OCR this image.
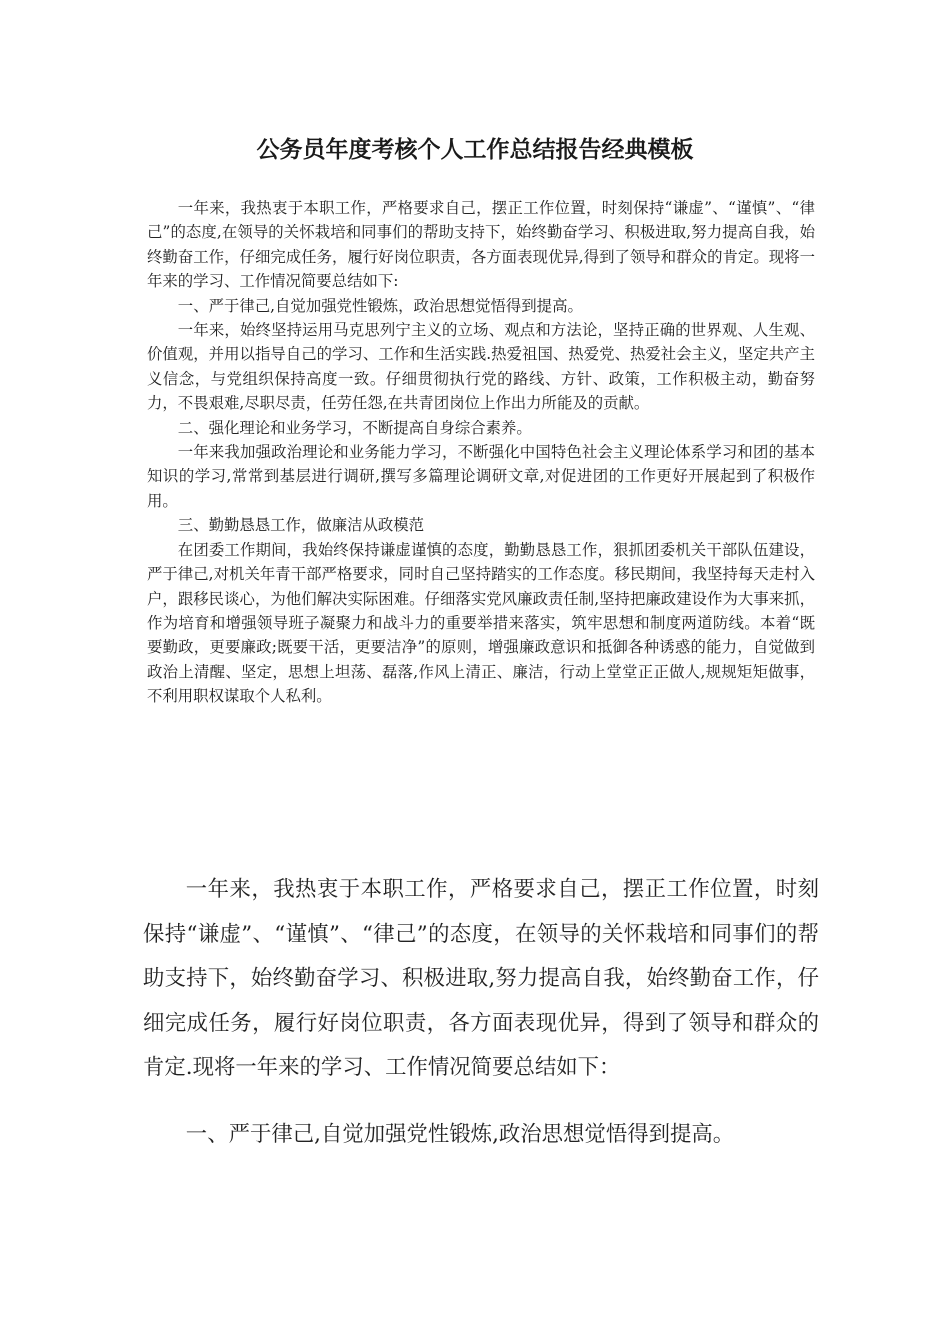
公务员年度考核个人工作总结报告经典模板

一年来，我热衷于本职工作，严格要求自己，摆正工作位置，时刻保持“谦虚”、“谨慎”、“律己”的态度,在领导的关怀栽培和同事们的帮助支持下，始终勤奋学习、积极进取,努力提高自我，始终勤奋工作，仔细完成任务，履行好岗位职责，各方面表现优异,得到了领导和群众的肯定。现将一年来的学习、工作情况简要总结如下:

一、严于律己,自觉加强党性锻炼，政治思想觉悟得到提高。

一年来，始终坚持运用马克思列宁主义的立场、观点和方法论，坚持正确的世界观、人生观、价值观，并用以指导自己的学习、工作和生活实践.热爱祖国、热爱党、热爱社会主义，坚定共产主义信念，与党组织保持高度一致。仔细贯彻执行党的路线、方针、政策，工作积极主动，勤奋努力，不畏艰难,尽职尽责，任劳任怨,在共青团岗位上作出力所能及的贡献。

二、强化理论和业务学习，不断提高自身综合素养。

一年来我加强政治理论和业务能力学习，不断强化中国特色社会主义理论体系学习和团的基本知识的学习,常常到基层进行调研,撰写多篇理论调研文章,对促进团的工作更好开展起到了积极作用。

三、勤勤恳恳工作，做廉洁从政模范

在团委工作期间，我始终保持谦虚谨慎的态度，勤勤恳恳工作，狠抓团委机关干部队伍建设，严于律己,对机关年青干部严格要求，同时自己坚持踏实的工作态度。移民期间，我坚持每天走村入户，跟移民谈心，为他们解决实际困难。仔细落实党风廉政责任制,坚持把廉政建设作为大事来抓，作为培育和增强领导班子凝聚力和战斗力的重要举措来落实，筑牢思想和制度两道防线。本着“既要勤政，更要廉政;既要干活，更要洁净”的原则，增强廉政意识和抵御各种诱惑的能力，自觉做到政治上清醒、坚定，思想上坦荡、磊落,作风上清正、廉洁，行动上堂堂正正做人,规规矩矩做事，不利用职权谋取个人私利。

一年来，我热衷于本职工作，严格要求自己，摆正工作位置，时刻保持“谦虚”、“谨慎”、“律己”的态度，在领导的关怀栽培和同事们的帮助支持下，始终勤奋学习、积极进取,努力提高自我，始终勤奋工作，仔细完成任务，履行好岗位职责，各方面表现优异，得到了领导和群众的肯定.现将一年来的学习、工作情况简要总结如下：

一、严于律己,自觉加强党性锻炼,政治思想觉悟得到提高。
